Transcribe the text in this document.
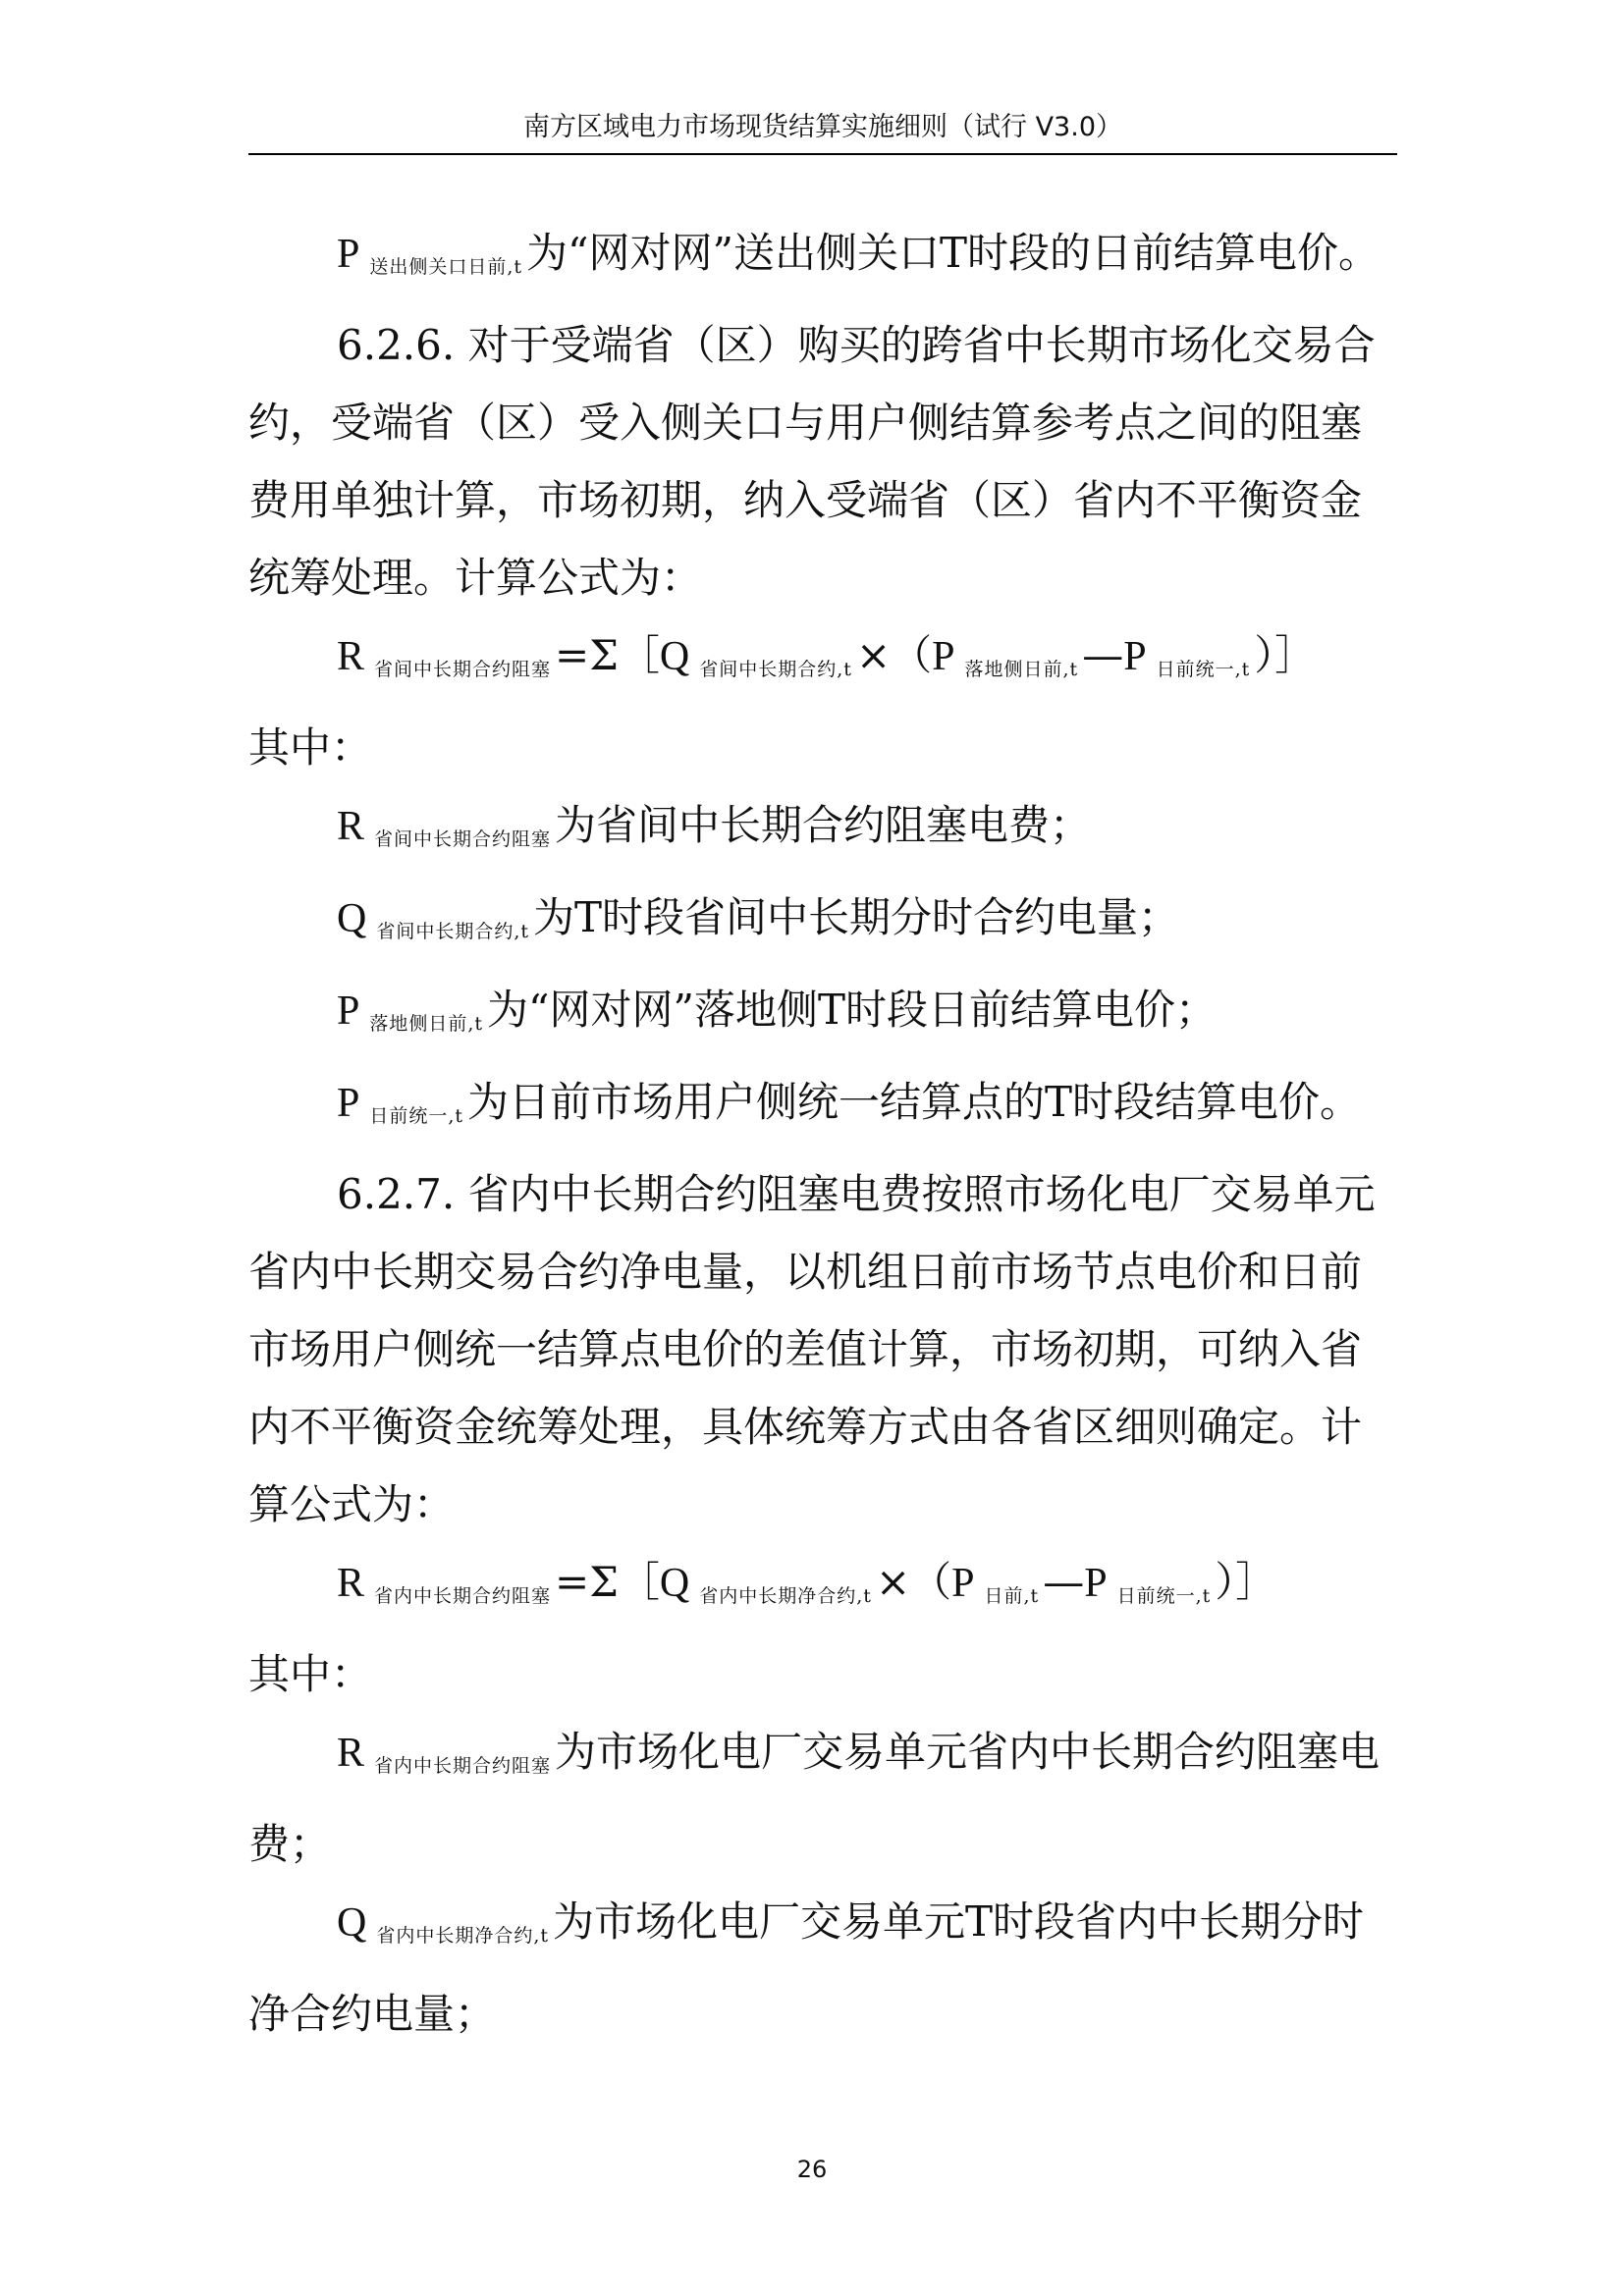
南方区域电力市场现货结算实施细则（试行 V3.0）

P $_{送出侧关口日前,t}$为“网对网”送出侧关口T时段的日前结算电价。

6.2.6. 对于受端省（区）购买的跨省中长期市场化交易合约，受端省（区）受入侧关口与用户侧结算参考点之间的阻塞费用单独计算，市场初期，纳入受端省（区）省内不平衡资金统筹处理。计算公式为：

R $_{省间中长期合约阻塞}$=Σ［Q $_{省间中长期合约,t}$×（P $_{落地侧日前,t}$—P $_{日前统一,t}$）］

其中：

R $_{省间中长期合约阻塞}$为省间中长期合约阻塞电费；

Q $_{省间中长期合约,t}$为T时段省间中长期分时合约电量；

P $_{落地侧日前,t}$为“网对网”落地侧T时段日前结算电价；

P $_{日前统一,t}$为日前市场用户侧统一结算点的T时段结算电价。

6.2.7. 省内中长期合约阻塞电费按照市场化电厂交易单元省内中长期交易合约净电量，以机组日前市场节点电价和日前市场用户侧统一结算点电价的差值计算，市场初期，可纳入省内不平衡资金统筹处理，具体统筹方式由各省区细则确定。计算公式为：

R $_{省内中长期合约阻塞}$=Σ［Q $_{省内中长期净合约,t}$×（P $_{日前,t}$—P $_{日前统一,t}$）］

其中：

R $_{省内中长期合约阻塞}$为市场化电厂交易单元省内中长期合约阻塞电费；

Q $_{省内中长期净合约,t}$为市场化电厂交易单元T时段省内中长期分时净合约电量；

26
